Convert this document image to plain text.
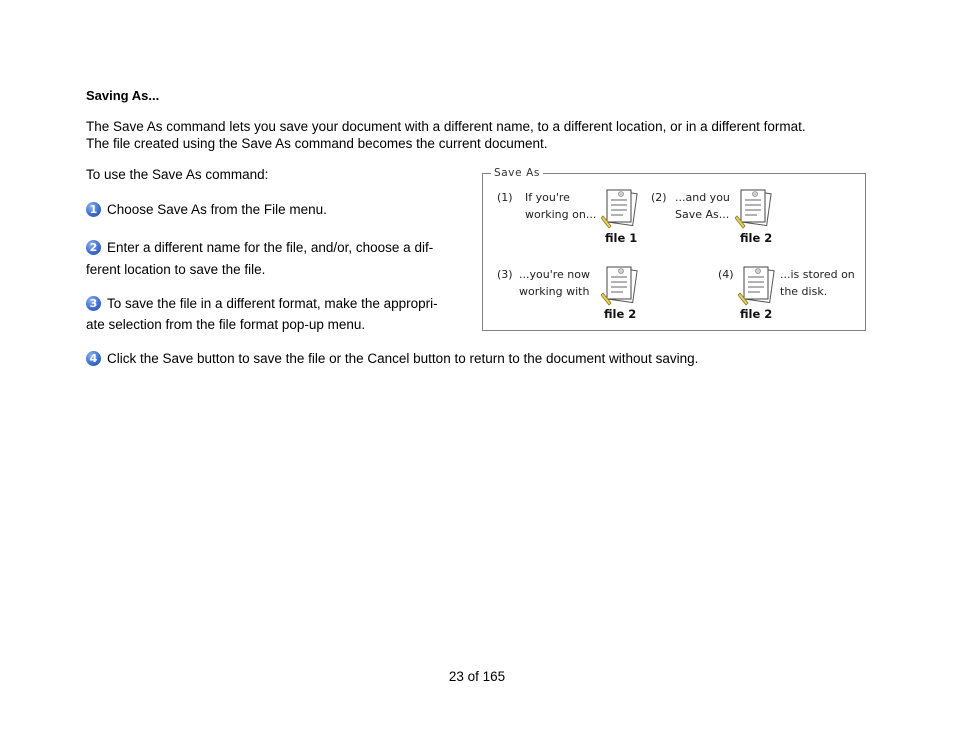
Saving As...
The Save As command lets you save your document with a different name, to a different location, or in a different format.
The file created using the Save As command becomes the current document.
To use the Save As command:
1 Choose Save As from the File menu.
2 Enter a different name for the file, and/or, choose a dif-
ferent location to save the file.
3 To save the file in a different format, make the appropri-
ate selection from the file format pop-up menu.
4 Click the Save button to save the file or the Cancel button to return to the document without saving.
Save As
(1) If you're
working on...
file 1
(2) ...and you
Save As...
file 2
(3) ...you're now
working with
file 2
(4)	...is stored on
the disk.
file 2
23 of 165
